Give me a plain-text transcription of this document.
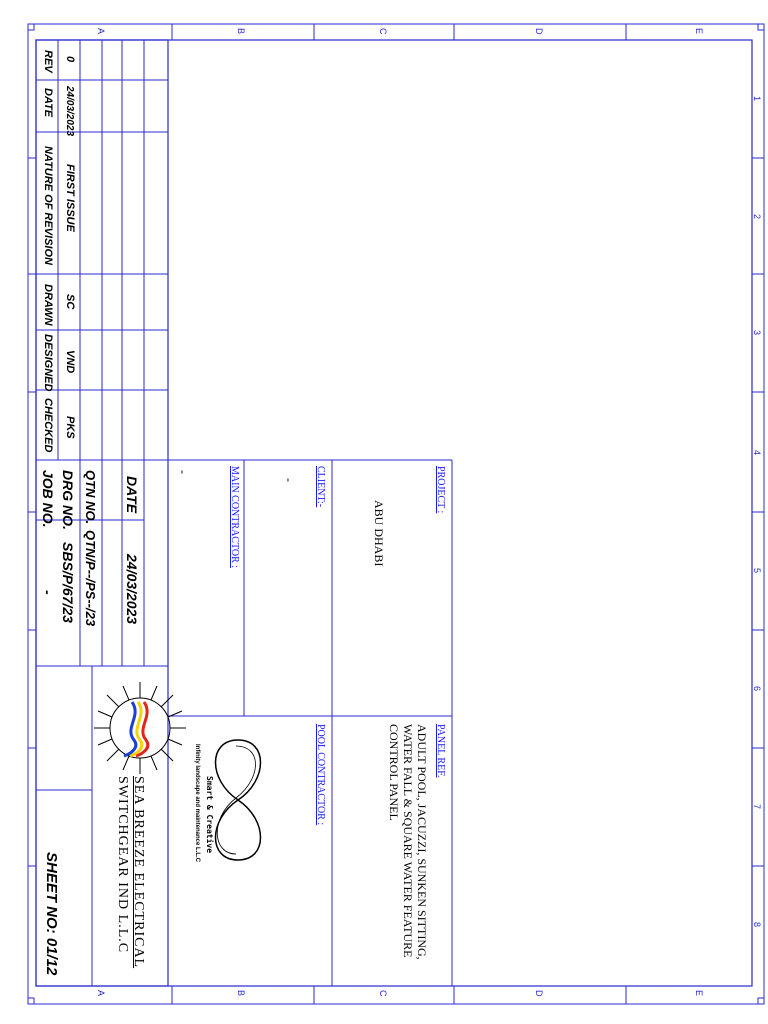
1
2
3
4
5
6
7
8
E
D
C
B
A
E
D
C
B
A
REV
DATE
NATURE OF REVISION
DRAWN
DESIGNED
CHECKED
0
24/03/2023
FIRST ISSUE
SC
VND
PKS
JOB NO.
-
DRG NO.
SBS/P/67/23
QTN NO.
QTN/P--/PS--/23
DATE
24/03/2023
PROJECT :
ABU DHABI
CLIENT:-
-
MAIN CONTRACTOR :
-
PANEL REF.
ADULT POOL, JACUZZI, SUNKEN SITTING,
WATER FALL & SQUARE WATER FEATURE
CONTROL PANEL
POOL CONTRACTOR :
Infinity landscape and maintenance L.L.C Smart & Creative
SEA BREEZE ELECTRICAL
SWITCHGEAR IND L.L.C
SHEET NO: 01/12
